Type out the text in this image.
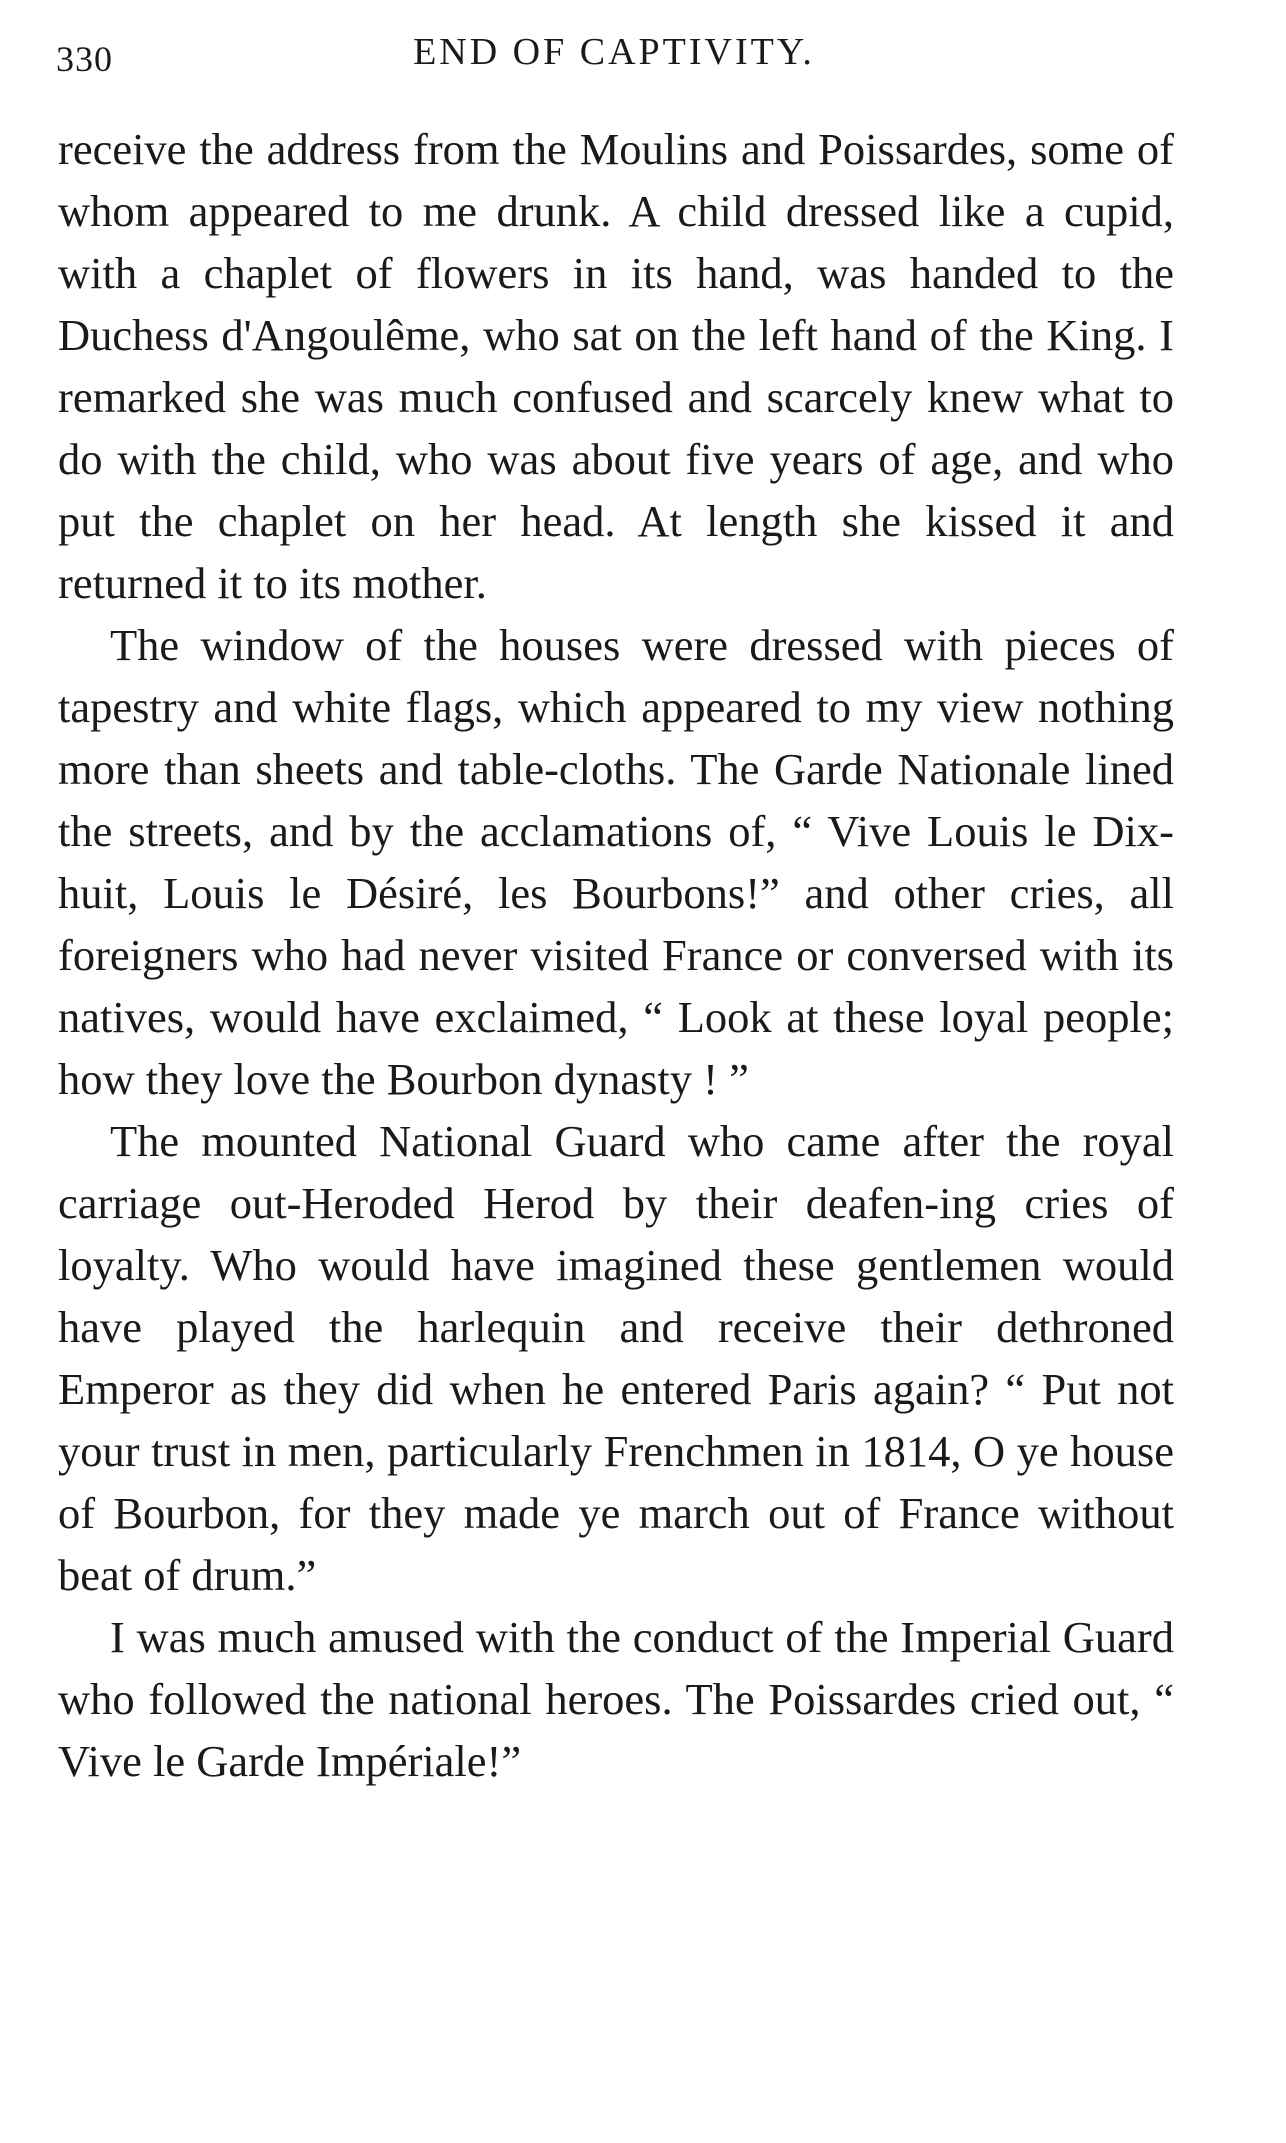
330	END OF CAPTIVITY.

receive the address from the Moulins and Poissardes, some of whom appeared to me drunk. A child dressed like a cupid, with a chaplet of flowers in its hand, was handed to the Duchess d'Angoulême, who sat on the left hand of the King. I remarked she was much confused and scarcely knew what to do with the child, who was about five years of age, and who put the chaplet on her head. At length she kissed it and returned it to its mother.

The window of the houses were dressed with pieces of tapestry and white flags, which appeared to my view nothing more than sheets and table-cloths. The Garde Nationale lined the streets, and by the acclamations of, “ Vive Louis le Dix-huit, Louis le Désiré, les Bourbons!” and other cries, all foreigners who had never visited France or conversed with its natives, would have exclaimed, “ Look at these loyal people; how they love the Bourbon dynasty ! ”

The mounted National Guard who came after the royal carriage out-Heroded Herod by their deafen-ing cries of loyalty. Who would have imagined these gentlemen would have played the harlequin and receive their dethroned Emperor as they did when he entered Paris again? “ Put not your trust in men, particularly Frenchmen in 1814, O ye house of Bourbon, for they made ye march out of France without beat of drum.”

I was much amused with the conduct of the Imperial Guard who followed the national heroes. The Poissardes cried out, “ Vive le Garde Impériale!”
